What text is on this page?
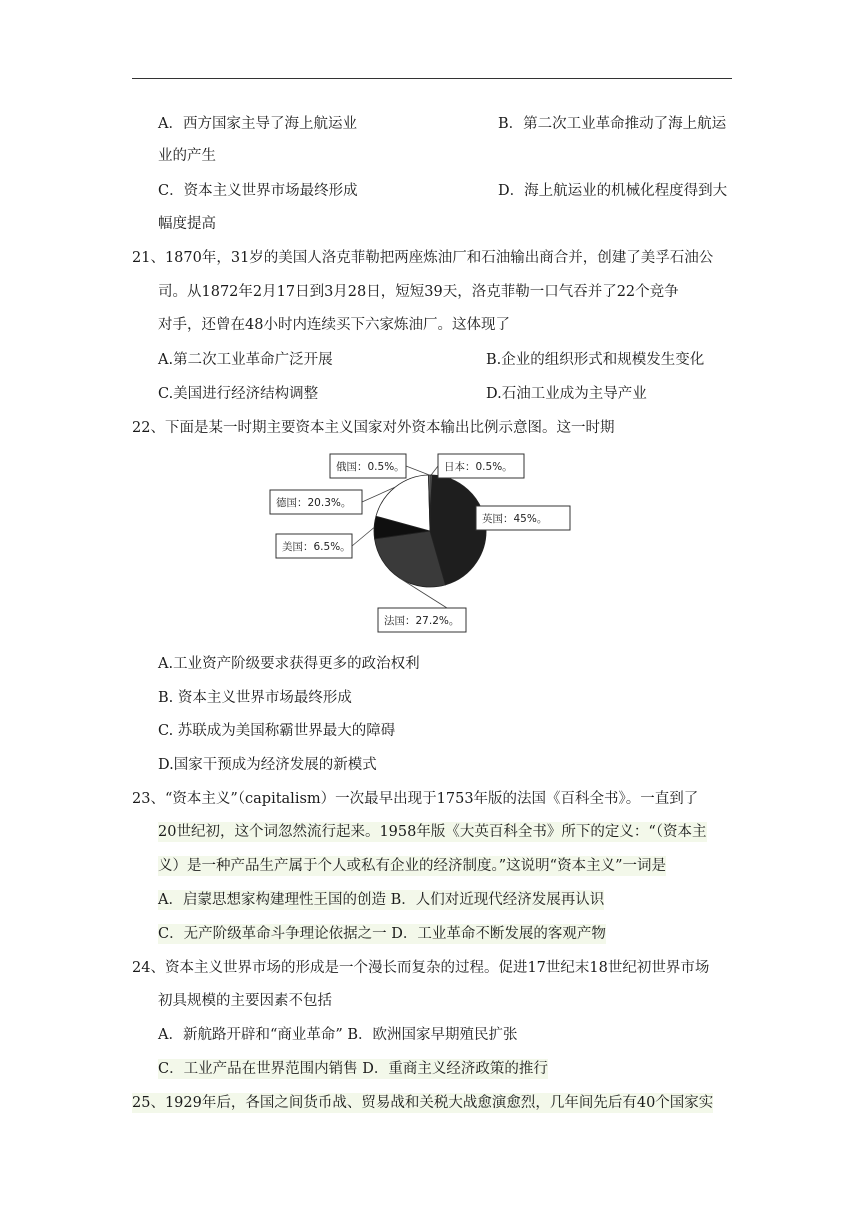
A．西方国家主导了海上航运业	B．第二次工业革命推动了海上航运
业的产生
C．资本主义世界市场最终形成	D．海上航运业的机械化程度得到大
幅度提高
21、1870年，31岁的美国人洛克菲勒把两座炼油厂和石油输出商合并，创建了美孚石油公
司。从1872年2月17日到3月28日，短短39天，洛克菲勒一口气吞并了22个竞争
对手，还曾在48小时内连续买下六家炼油厂。这体现了
A.第二次工业革命广泛开展	B.企业的组织形式和规模发生变化
C.美国进行经济结构调整	D.石油工业成为主导产业
22、下面是某一时期主要资本主义国家对外资本输出比例示意图。这一时期
英国：45%。
法国：27.2%。
美国：6.5%。
德国：20.3%。
俄国：0.5%。	日本：0.5%。
A.工业资产阶级要求获得更多的政治权利
B. 资本主义世界市场最终形成
C. 苏联成为美国称霸世界最大的障碍
D.国家干预成为经济发展的新模式
23、“资本主义”（capitalism）一次最早出现于1753年版的法国《百科全书》。一直到了
20世纪初，这个词忽然流行起来。1958年版《大英百科全书》所下的定义：“（资本主
义）是一种产品生产属于个人或私有企业的经济制度。”这说明“资本主义”一词是
A．启蒙思想家构建理性王国的创造 B．人们对近现代经济发展再认识
C．无产阶级革命斗争理论依据之一 D．工业革命不断发展的客观产物
24、资本主义世界市场的形成是一个漫长而复杂的过程。促进17世纪末18世纪初世界市场
初具规模的主要因素不包括
A．新航路开辟和“商业革命” B．欧洲国家早期殖民扩张
C．工业产品在世界范围内销售 D．重商主义经济政策的推行
25、1929年后，各国之间货币战、贸易战和关税大战愈演愈烈，几年间先后有40个国家实
